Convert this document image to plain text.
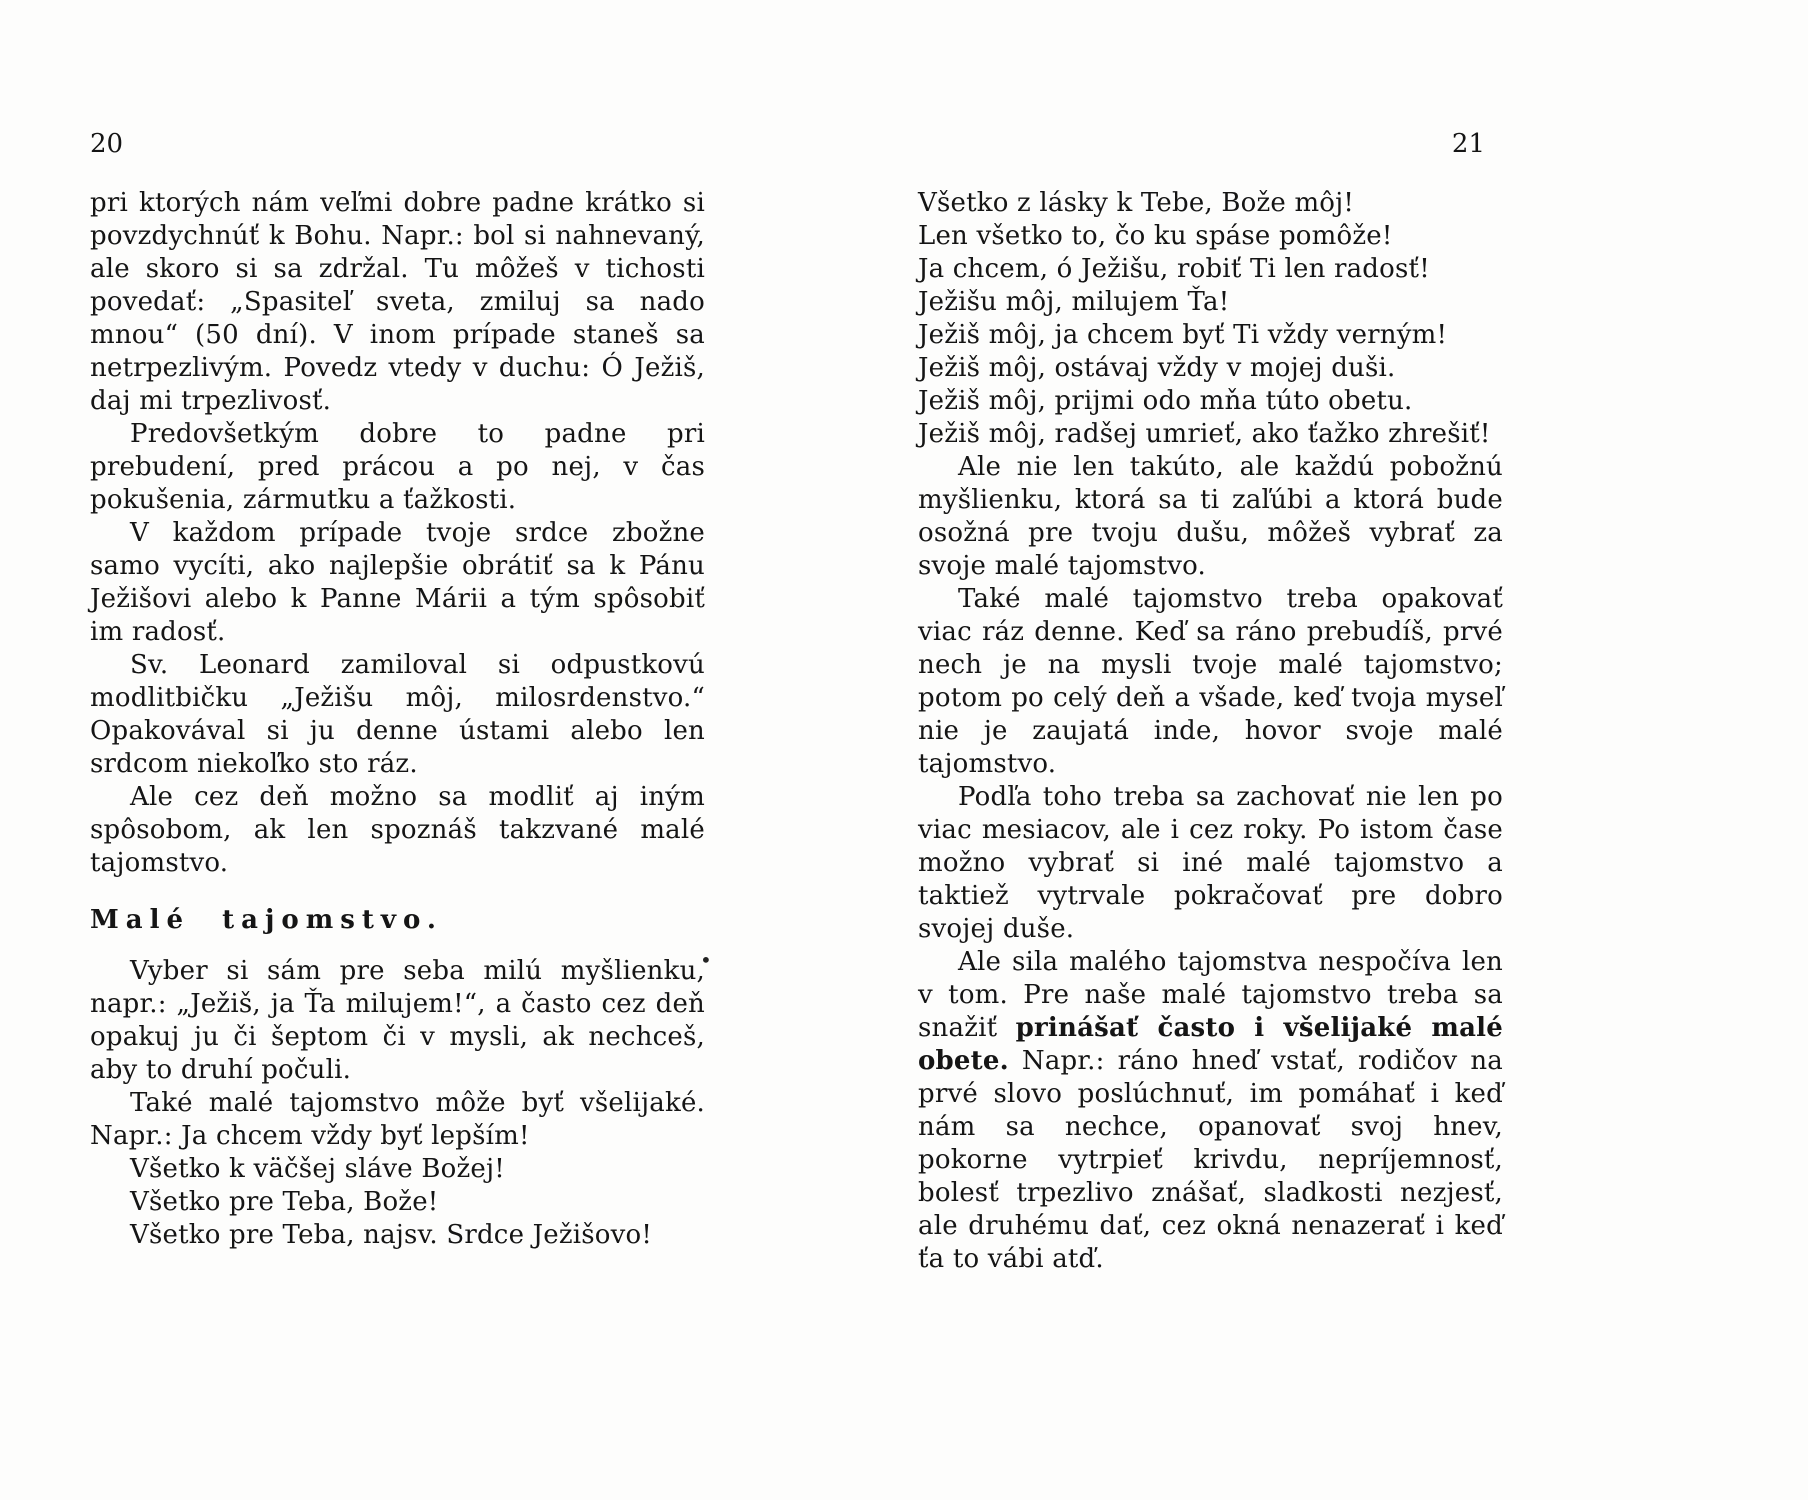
20

pri ktorých nám veľmi dobre padne krátko si povzdychnúť k Bohu. Napr.: bol si nahnevaný, ale skoro si sa zdržal. Tu môžeš v tichosti povedať: „Spasiteľ sveta, zmiluj sa nado mnou“ (50 dní). V inom prípade staneš sa netrpezlivým. Povedz vtedy v duchu: Ó Ježiš, daj mi trpezlivosť.

Predovšetkým dobre to padne pri prebudení, pred prácou a po nej, v čas pokušenia, zármutku a ťažkosti.

V každom prípade tvoje srdce zbožne samo vycíti, ako najlepšie obrátiť sa k Pánu Ježišovi alebo k Panne Márii a tým spôsobiť im radosť.

Sv. Leonard zamiloval si odpustkovú modlitbičku „Ježišu môj, milosrdenstvo.“ Opakovával si ju denne ústami alebo len srdcom niekoľko sto ráz.

Ale cez deň možno sa modliť aj iným spôsobom, ak len spoznáš takzvané malé tajomstvo.

Malé tajomstvo.

Vyber si sám pre seba milú myšlienku, napr.: „Ježiš, ja Ťa milujem!“, a často cez deň opakuj ju či šeptom či v mysli, ak nechceš, aby to druhí počuli.

Také malé tajomstvo môže byť všelijaké. Napr.: Ja chcem vždy byť lepším!

Všetko k väčšej sláve Božej!

Všetko pre Teba, Bože!

Všetko pre Teba, najsv. Srdce Ježišovo!

21

Všetko z lásky k Tebe, Bože môj!

Len všetko to, čo ku spáse pomôže!

Ja chcem, ó Ježišu, robiť Ti len radosť!

Ježišu môj, milujem Ťa!

Ježiš môj, ja chcem byť Ti vždy verným!

Ježiš môj, ostávaj vždy v mojej duši.

Ježiš môj, prijmi odo mňa túto obetu.

Ježiš môj, radšej umrieť, ako ťažko zhrešiť!

Ale nie len takúto, ale každú pobožnú myšlienku, ktorá sa ti zaľúbi a ktorá bude osožná pre tvoju dušu, môžeš vybrať za svoje malé tajomstvo.

Také malé tajomstvo treba opakovať viac ráz denne. Keď sa ráno prebudíš, prvé nech je na mysli tvoje malé tajomstvo; potom po celý deň a všade, keď tvoja myseľ nie je zaujatá inde, hovor svoje malé tajomstvo.

Podľa toho treba sa zachovať nie len po viac mesiacov, ale i cez roky. Po istom čase možno vybrať si iné malé tajomstvo a taktiež vytrvale pokračovať pre dobro svojej duše.

Ale sila malého tajomstva nespočíva len v tom. Pre naše malé tajomstvo treba sa snažiť prinášať často i všelijaké malé obete. Napr.: ráno hneď vstať, rodičov na prvé slovo poslúchnuť, im pomáhať i keď nám sa nechce, opanovať svoj hnev, pokorne vytrpieť krivdu, nepríjemnosť, bolesť trpezlivo znášať, sladkosti nezjesť, ale druhému dať, cez okná nenazerať i keď ťa to vábi atď.

•
